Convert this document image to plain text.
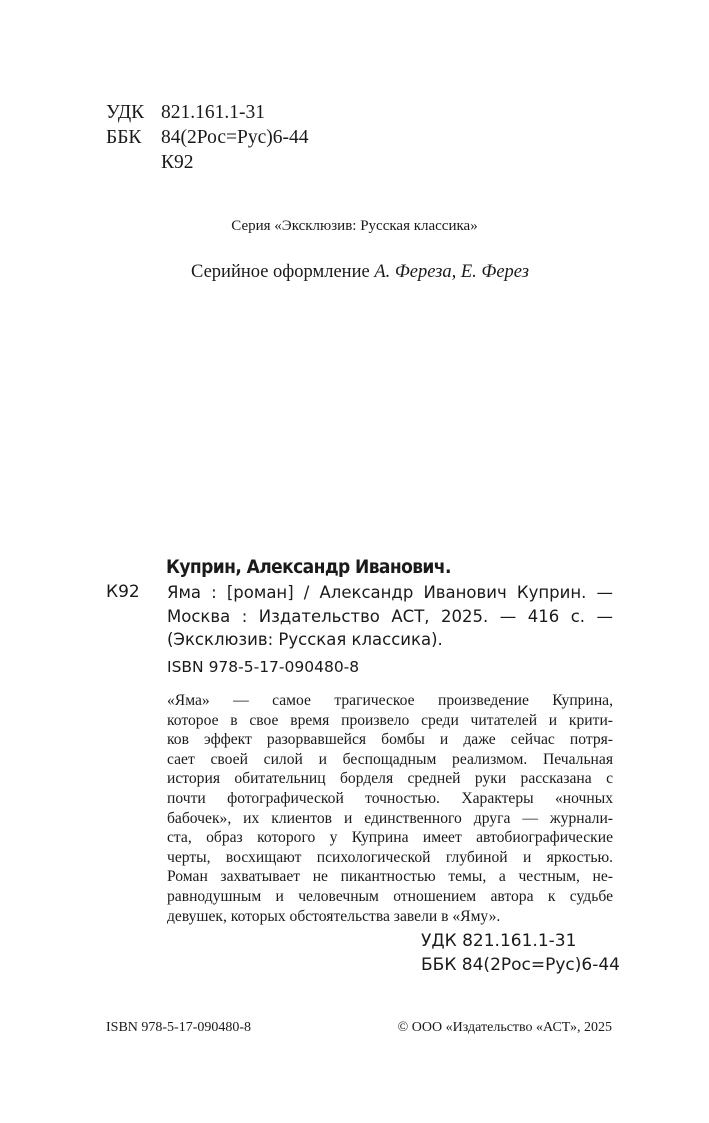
УДК 821.161.1-31
ББК 84(2Рос=Рус)6-44
К92
Серия «Эксклюзив: Русская классика»
Серийное оформление А. Фереза, Е. Ферез
Куприн, Александр Иванович.
К92 Яма : [роман] / Александр Иванович Куприн. —
Москва : Издательство АСТ, 2025. — 416 с. —
(Эксклюзив: Русская классика).
ISBN 978-5-17-090480-8
«Яма» — самое трагическое произведение Куприна,
которое в свое время произвело среди читателей и крити-
ков эффект разорвавшейся бомбы и даже сейчас потря-
сает своей силой и беспощадным реализмом. Печальная
история обитательниц борделя средней руки рассказана с
почти фотографической точностью. Характеры «ночных
бабочек», их клиентов и единственного друга — журнали-
ста, образ которого у Куприна имеет автобиографические
черты, восхищают психологической глубиной и яркостью.
Роман захватывает не пикантностью темы, а честным, не-
равнодушным и человечным отношением автора к судьбе
девушек, которых обстоятельства завели в «Яму».
УДК 821.161.1-31
ББК 84(2Рос=Рус)6-44
ISBN 978-5-17-090480-8	© ООО «Издательство «АСТ», 2025
